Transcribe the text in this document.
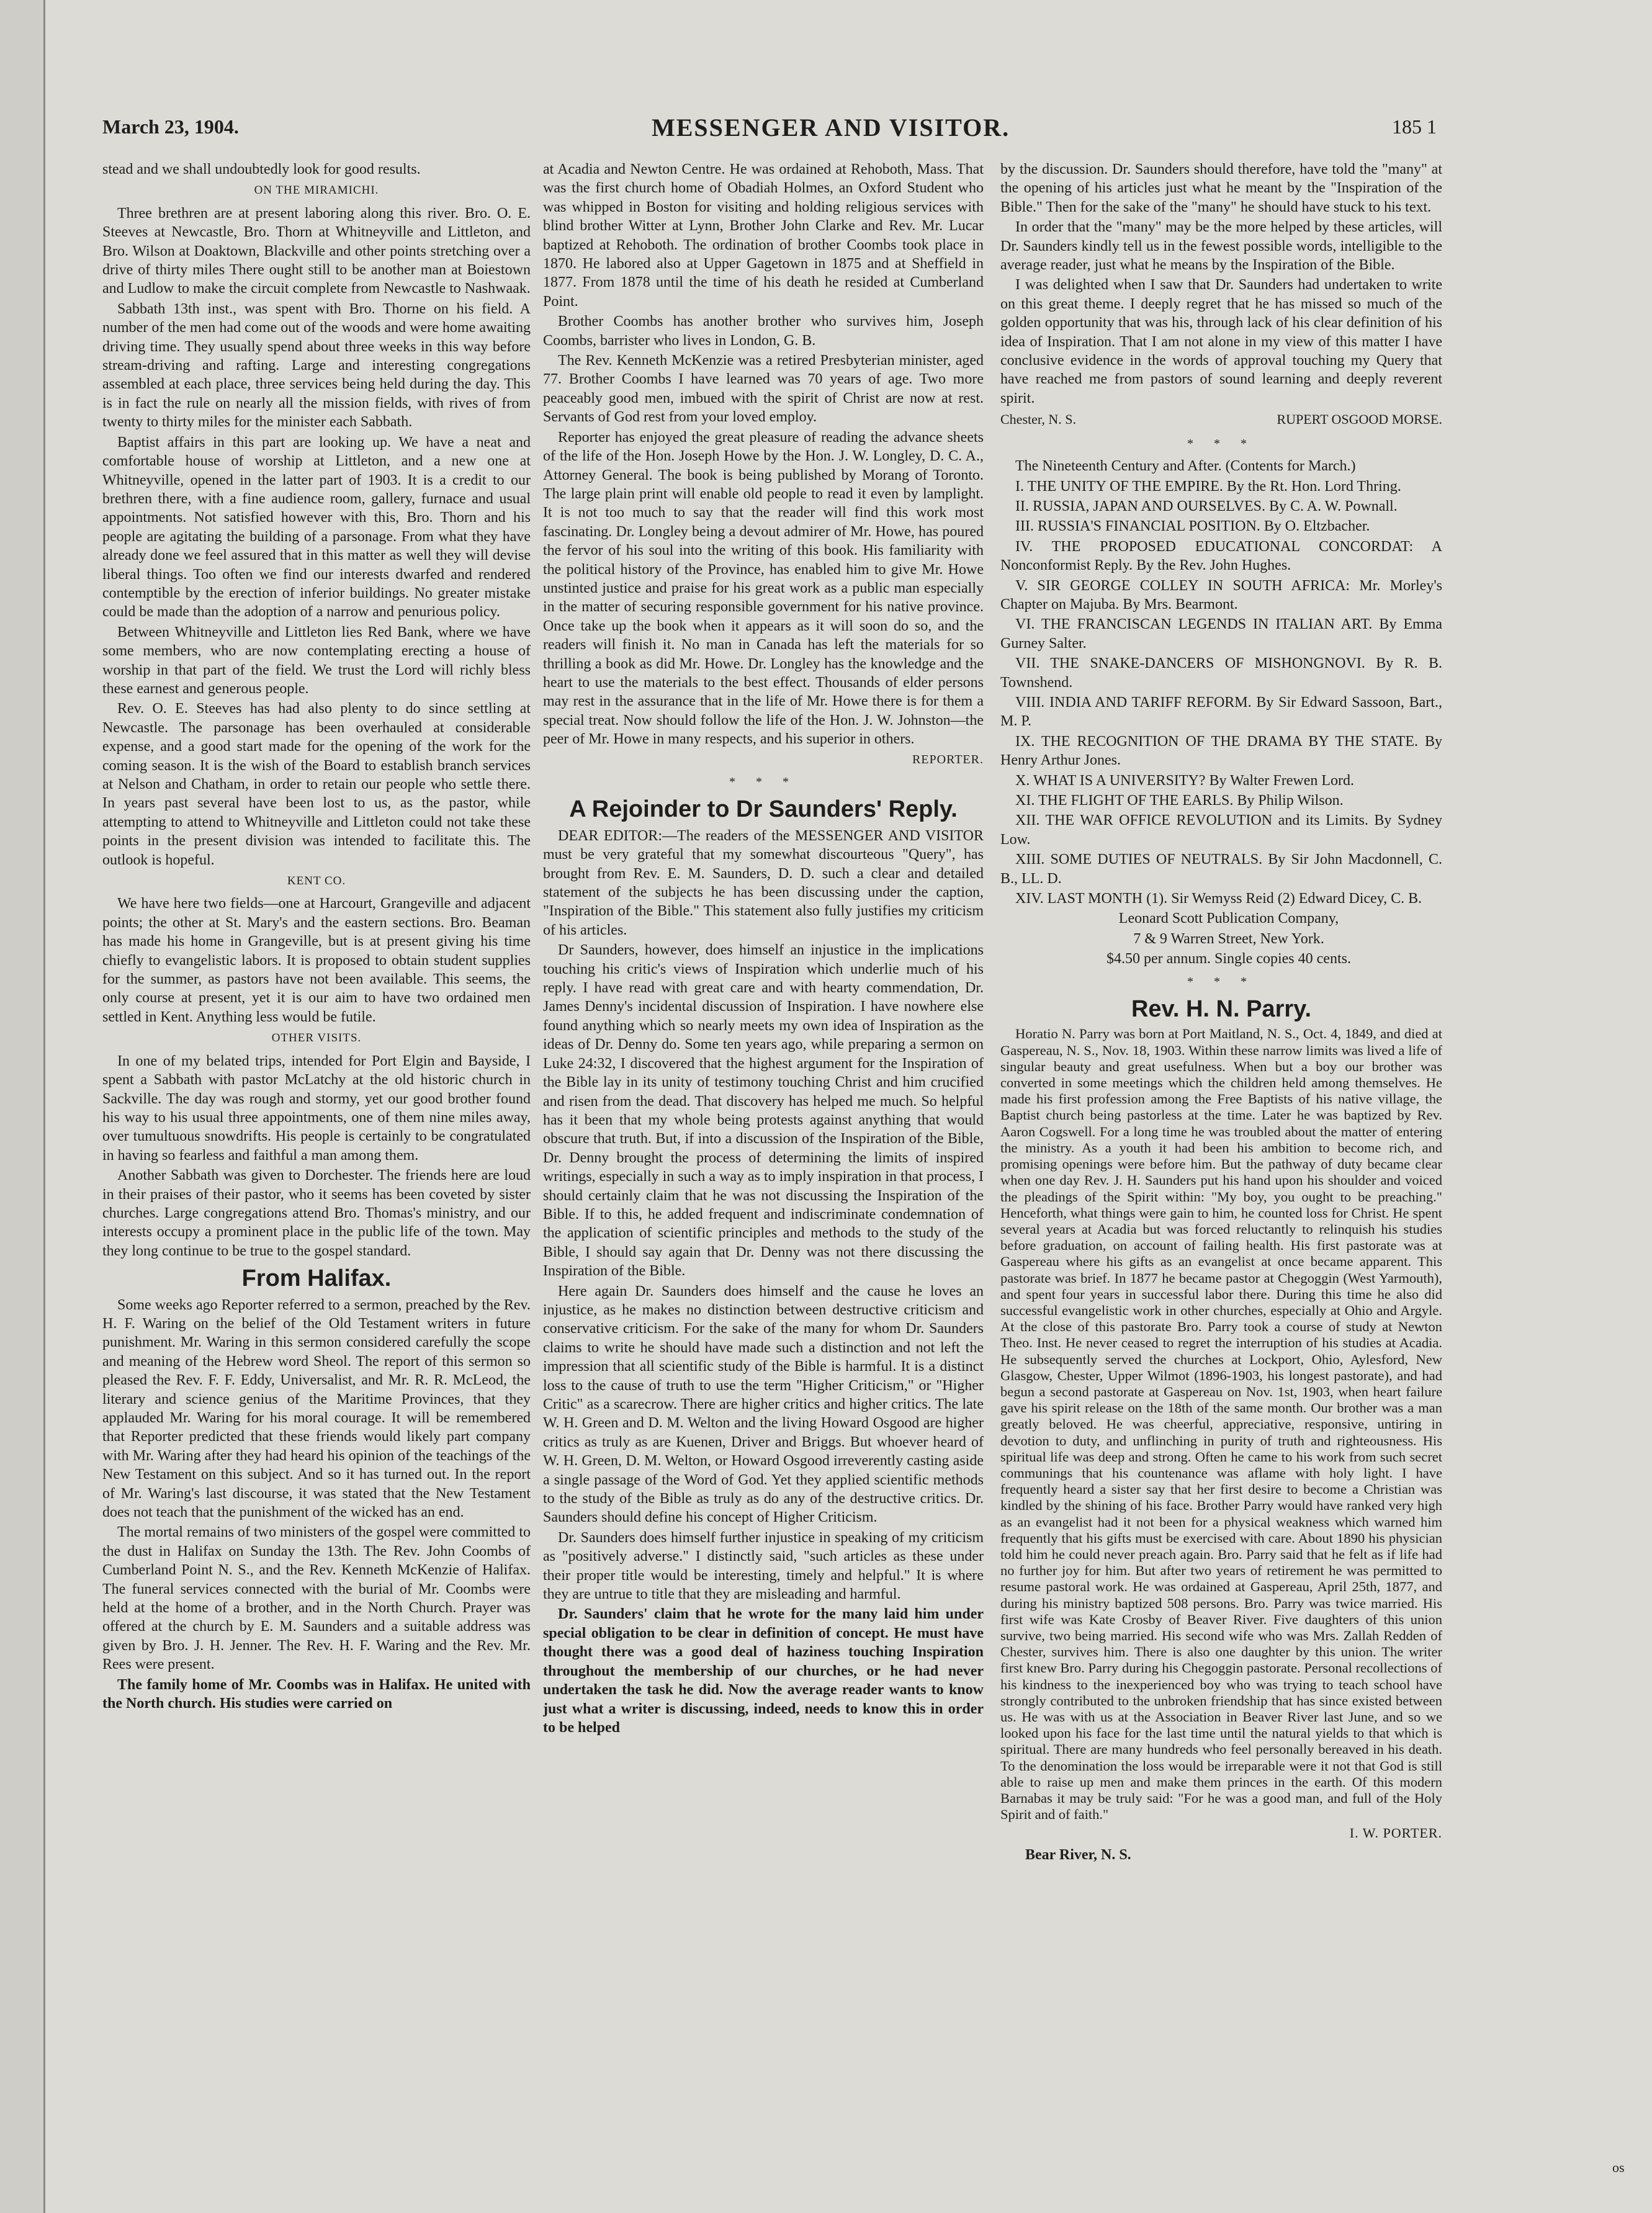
March 23, 1904.	MESSENGER AND VISITOR.	185 1

stead and we shall undoubtedly look for good results.

ON THE MIRAMICHI.

Three brethren are at present laboring along this river. Bro. O. E. Steeves at Newcastle, Bro. Thorn at Whitneyville and Littleton, and Bro. Wilson at Doaktown, Blackville and other points stretching over a drive of thirty miles There ought still to be another man at Boiestown and Ludlow to make the circuit complete from Newcastle to Nashwaak.

Sabbath 13th inst., was spent with Bro. Thorne on his field. A number of the men had come out of the woods and were home awaiting driving time. They usually spend about three weeks in this way before stream-driving and rafting. Large and interesting congregations assembled at each place, three services being held during the day. This is in fact the rule on nearly all the mission fields, with rives of from twenty to thirty miles for the minister each Sabbath.

Baptist affairs in this part are looking up. We have a neat and comfortable house of worship at Littleton, and a new one at Whitneyville, opened in the latter part of 1903. It is a credit to our brethren there, with a fine audience room, gallery, furnace and usual appointments. Not satisfied however with this, Bro. Thorn and his people are agitating the building of a parsonage. From what they have already done we feel assured that in this matter as well they will devise liberal things. Too often we find our interests dwarfed and rendered contemptible by the erection of inferior buildings. No greater mistake could be made than the adoption of a narrow and penurious policy.

Between Whitneyville and Littleton lies Red Bank, where we have some members, who are now contemplating erecting a house of worship in that part of the field. We trust the Lord will richly bless these earnest and generous people.

Rev. O. E. Steeves has had also plenty to do since settling at Newcastle. The parsonage has been overhauled at considerable expense, and a good start made for the opening of the work for the coming season. It is the wish of the Board to establish branch services at Nelson and Chatham, in order to retain our people who settle there. In years past several have been lost to us, as the pastor, while attempting to attend to Whitneyville and Littleton could not take these points in the present division was intended to facilitate this. The outlook is hopeful.

KENT CO.

We have here two fields—one at Harcourt, Grangeville and adjacent points; the other at St. Mary's and the eastern sections. Bro. Beaman has made his home in Grangeville, but is at present giving his time chiefly to evangelistic labors. It is proposed to obtain student supplies for the summer, as pastors have not been available. This seems, the only course at present, yet it is our aim to have two ordained men settled in Kent. Anything less would be futile.

OTHER VISITS.

In one of my belated trips, intended for Port Elgin and Bayside, I spent a Sabbath with pastor McLatchy at the old historic church in Sackville. The day was rough and stormy, yet our good brother found his way to his usual three appointments, one of them nine miles away, over tumultuous snowdrifts. His people is certainly to be congratulated in having so fearless and faithful a man among them.

Another Sabbath was given to Dorchester. The friends here are loud in their praises of their pastor, who it seems has been coveted by sister churches. Large congregations attend Bro. Thomas's ministry, and our interests occupy a prominent place in the public life of the town. May they long continue to be true to the gospel standard.

From Halifax.

Some weeks ago Reporter referred to a sermon, preached by the Rev. H. F. Waring on the belief of the Old Testament writers in future punishment. Mr. Waring in this sermon considered carefully the scope and meaning of the Hebrew word Sheol. The report of this sermon so pleased the Rev. F. F. Eddy, Universalist, and Mr. R. R. McLeod, the literary and science genius of the Maritime Provinces, that they applauded Mr. Waring for his moral courage. It will be remembered that Reporter predicted that these friends would likely part company with Mr. Waring after they had heard his opinion of the teachings of the New Testament on this subject. And so it has turned out. In the report of Mr. Waring's last discourse, it was stated that the New Testament does not teach that the punishment of the wicked has an end.

The mortal remains of two ministers of the gospel were committed to the dust in Halifax on Sunday the 13th. The Rev. John Coombs of Cumberland Point N. S., and the Rev. Kenneth McKenzie of Halifax. The funeral services connected with the burial of Mr. Coombs were held at the home of a brother, and in the North Church. Prayer was offered at the church by E. M. Saunders and a suitable address was given by Bro. J. H. Jenner. The Rev. H. F. Waring and the Rev. Mr. Rees were present.

The family home of Mr. Coombs was in Halifax. He united with the North church. His studies were carried on

at Acadia and Newton Centre. He was ordained at Rehoboth, Mass. That was the first church home of Obadiah Holmes, an Oxford Student who was whipped in Boston for visiting and holding religious services with blind brother Witter at Lynn, Brother John Clarke and Rev. Mr. Lucar baptized at Rehoboth. The ordination of brother Coombs took place in 1870. He labored also at Upper Gagetown in 1875 and at Sheffield in 1877. From 1878 until the time of his death he resided at Cumberland Point.

Brother Coombs has another brother who survives him, Joseph Coombs, barrister who lives in London, G. B.

The Rev. Kenneth McKenzie was a retired Presbyterian minister, aged 77. Brother Coombs I have learned was 70 years of age. Two more peaceably good men, imbued with the spirit of Christ are now at rest. Servants of God rest from your loved employ.

Reporter has enjoyed the great pleasure of reading the advance sheets of the life of the Hon. Joseph Howe by the Hon. J. W. Longley, D. C. A., Attorney General. The book is being published by Morang of Toronto. The large plain print will enable old people to read it even by lamplight. It is not too much to say that the reader will find this work most fascinating. Dr. Longley being a devout admirer of Mr. Howe, has poured the fervor of his soul into the writing of this book. His familiarity with the political history of the Province, has enabled him to give Mr. Howe unstinted justice and praise for his great work as a public man especially in the matter of securing responsible government for his native province. Once take up the book when it appears as it will soon do so, and the readers will finish it. No man in Canada has left the materials for so thrilling a book as did Mr. Howe. Dr. Longley has the knowledge and the heart to use the materials to the best effect. Thousands of elder persons may rest in the assurance that in the life of Mr. Howe there is for them a special treat. Now should follow the life of the Hon. J. W. Johnston—the peer of Mr. Howe in many respects, and his superior in others.

REPORTER.
* * *
A Rejoinder to Dr Saunders' Reply.

DEAR EDITOR:—The readers of the MESSENGER AND VISITOR must be very grateful that my somewhat discourteous "Query", has brought from Rev. E. M. Saunders, D. D. such a clear and detailed statement of the subjects he has been discussing under the caption, "Inspiration of the Bible." This statement also fully justifies my criticism of his articles.

Dr Saunders, however, does himself an injustice in the implications touching his critic's views of Inspiration which underlie much of his reply. I have read with great care and with hearty commendation, Dr. James Denny's incidental discussion of Inspiration. I have nowhere else found anything which so nearly meets my own idea of Inspiration as the ideas of Dr. Denny do. Some ten years ago, while preparing a sermon on Luke 24:32, I discovered that the highest argument for the Inspiration of the Bible lay in its unity of testimony touching Christ and him crucified and risen from the dead. That discovery has helped me much. So helpful has it been that my whole being protests against anything that would obscure that truth. But, if into a discussion of the Inspiration of the Bible, Dr. Denny brought the process of determining the limits of inspired writings, especially in such a way as to imply inspiration in that process, I should certainly claim that he was not discussing the Inspiration of the Bible. If to this, he added frequent and indiscriminate condemnation of the application of scientific principles and methods to the study of the Bible, I should say again that Dr. Denny was not there discussing the Inspiration of the Bible.

Here again Dr. Saunders does himself and the cause he loves an injustice, as he makes no distinction between destructive criticism and conservative criticism. For the sake of the many for whom Dr. Saunders claims to write he should have made such a distinction and not left the impression that all scientific study of the Bible is harmful. It is a distinct loss to the cause of truth to use the term "Higher Criticism," or "Higher Critic" as a scarecrow. There are higher critics and higher critics. The late W. H. Green and D. M. Welton and the living Howard Osgood are higher critics as truly as are Kuenen, Driver and Briggs. But whoever heard of W. H. Green, D. M. Welton, or Howard Osgood irreverently casting aside a single passage of the Word of God. Yet they applied scientific methods to the study of the Bible as truly as do any of the destructive critics. Dr. Saunders should define his concept of Higher Criticism.

Dr. Saunders does himself further injustice in speaking of my criticism as "positively adverse." I distinctly said, "such articles as these under their proper title would be interesting, timely and helpful." It is where they are untrue to title that they are misleading and harmful.

Dr. Saunders' claim that he wrote for the many laid him under special obligation to be clear in definition of concept. He must have thought there was a good deal of haziness touching Inspiration throughout the membership of our churches, or he had never undertaken the task he did. Now the average reader wants to know just what a writer is discussing, indeed, needs to know this in order to be helped

by the discussion. Dr. Saunders should therefore, have told the "many" at the opening of his articles just what he meant by the "Inspiration of the Bible." Then for the sake of the "many" he should have stuck to his text.

In order that the "many" may be the more helped by these articles, will Dr. Saunders kindly tell us in the fewest possible words, intelligible to the average reader, just what he means by the Inspiration of the Bible.

I was delighted when I saw that Dr. Saunders had undertaken to write on this great theme. I deeply regret that he has missed so much of the golden opportunity that was his, through lack of his clear definition of his idea of Inspiration. That I am not alone in my view of this matter I have conclusive evidence in the words of approval touching my Query that have reached me from pastors of sound learning and deeply reverent spirit.

Chester, N. S.	RUPERT OSGOOD MORSE.
* * *

The Nineteenth Century and After. (Contents for March.)

I. THE UNITY OF THE EMPIRE. By the Rt. Hon. Lord Thring.

II. RUSSIA, JAPAN AND OURSELVES. By C. A. W. Pownall.

III. RUSSIA'S FINANCIAL POSITION. By O. Eltzbacher.

IV. THE PROPOSED EDUCATIONAL CONCORDAT: A Nonconformist Reply. By the Rev. John Hughes.

V. SIR GEORGE COLLEY IN SOUTH AFRICA: Mr. Morley's Chapter on Majuba. By Mrs. Bearmont.

VI. THE FRANCISCAN LEGENDS IN ITALIAN ART. By Emma Gurney Salter.

VII. THE SNAKE-DANCERS OF MISHONGNOVI. By R. B. Townshend.

VIII. INDIA AND TARIFF REFORM. By Sir Edward Sassoon, Bart., M. P.

IX. THE RECOGNITION OF THE DRAMA BY THE STATE. By Henry Arthur Jones.

X. WHAT IS A UNIVERSITY? By Walter Frewen Lord.

XI. THE FLIGHT OF THE EARLS. By Philip Wilson.

XII. THE WAR OFFICE REVOLUTION and its Limits. By Sydney Low.

XIII. SOME DUTIES OF NEUTRALS. By Sir John Macdonnell, C. B., LL. D.

XIV. LAST MONTH (1). Sir Wemyss Reid (2) Edward Dicey, C. B.

Leonard Scott Publication Company,

7 & 9 Warren Street, New York.

$4.50 per annum. Single copies 40 cents.

* * *
Rev. H. N. Parry.

Horatio N. Parry was born at Port Maitland, N. S., Oct. 4, 1849, and died at Gaspereau, N. S., Nov. 18, 1903. Within these narrow limits was lived a life of singular beauty and great usefulness. When but a boy our brother was converted in some meetings which the children held among themselves. He made his first profession among the Free Baptists of his native village, the Baptist church being pastorless at the time. Later he was baptized by Rev. Aaron Cogswell. For a long time he was troubled about the matter of entering the ministry. As a youth it had been his ambition to become rich, and promising openings were before him. But the pathway of duty became clear when one day Rev. J. H. Saunders put his hand upon his shoulder and voiced the pleadings of the Spirit within: "My boy, you ought to be preaching." Henceforth, what things were gain to him, he counted loss for Christ. He spent several years at Acadia but was forced reluctantly to relinquish his studies before graduation, on account of failing health. His first pastorate was at Gaspereau where his gifts as an evangelist at once became apparent. This pastorate was brief. In 1877 he became pastor at Chegoggin (West Yarmouth), and spent four years in successful labor there. During this time he also did successful evangelistic work in other churches, especially at Ohio and Argyle. At the close of this pastorate Bro. Parry took a course of study at Newton Theo. Inst. He never ceased to regret the interruption of his studies at Acadia. He subsequently served the churches at Lockport, Ohio, Aylesford, New Glasgow, Chester, Upper Wilmot (1896-1903, his longest pastorate), and had begun a second pastorate at Gaspereau on Nov. 1st, 1903, when heart failure gave his spirit release on the 18th of the same month. Our brother was a man greatly beloved. He was cheerful, appreciative, responsive, untiring in devotion to duty, and unflinching in purity of truth and righteousness. His spiritual life was deep and strong. Often he came to his work from such secret communings that his countenance was aflame with holy light. I have frequently heard a sister say that her first desire to become a Christian was kindled by the shining of his face. Brother Parry would have ranked very high as an evangelist had it not been for a physical weakness which warned him frequently that his gifts must be exercised with care. About 1890 his physician told him he could never preach again. Bro. Parry said that he felt as if life had no further joy for him. But after two years of retirement he was permitted to resume pastoral work. He was ordained at Gaspereau, April 25th, 1877, and during his ministry baptized 508 persons. Bro. Parry was twice married. His first wife was Kate Crosby of Beaver River. Five daughters of this union survive, two being married. His second wife who was Mrs. Zallah Redden of Chester, survives him. There is also one daughter by this union. The writer first knew Bro. Parry during his Chegoggin pastorate. Personal recollections of his kindness to the inexperienced boy who was trying to teach school have strongly contributed to the unbroken friendship that has since existed between us. He was with us at the Association in Beaver River last June, and so we looked upon his face for the last time until the natural yields to that which is spiritual. There are many hundreds who feel personally bereaved in his death. To the denomination the loss would be irreparable were it not that God is still able to raise up men and make them princes in the earth. Of this modern Barnabas it may be truly said: "For he was a good man, and full of the Holy Spirit and of faith."

I. W. PORTER.

Bear River, N. S.

os
